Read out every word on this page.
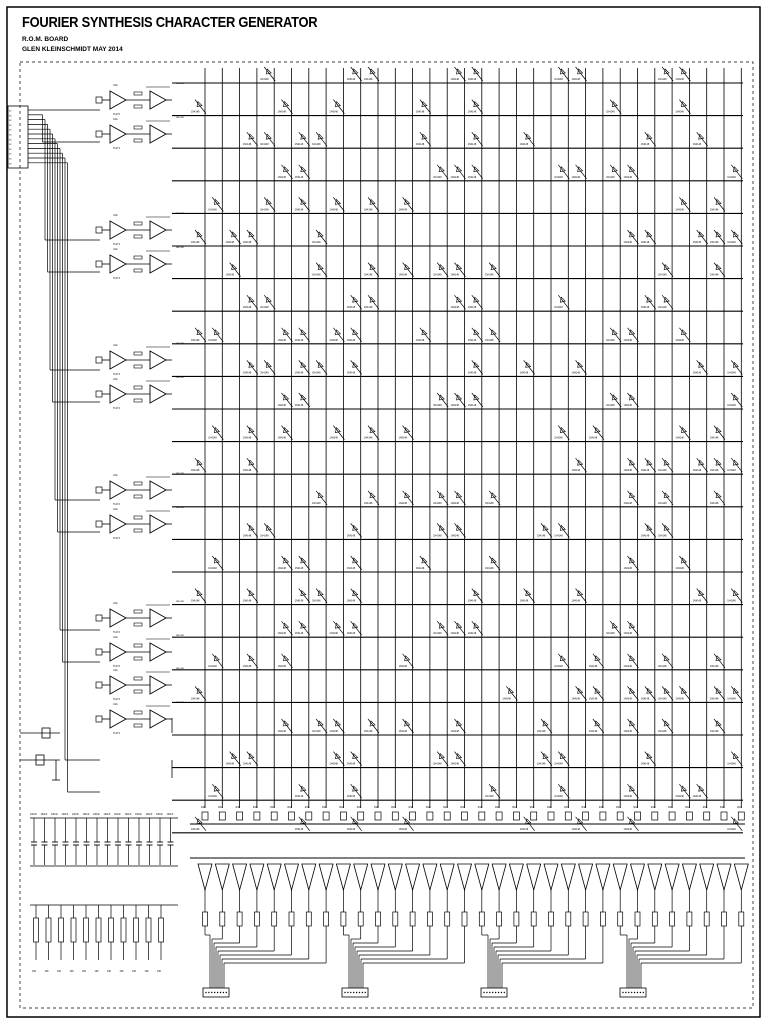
FOURIER SYNTHESIS CHARACTER GENERATOR
R.O.M. BOARD
GLEN KLEINSCHMIDT MAY 2014
xx
xx
xx
xx
xx
xx
xx
xx
xx
xx
xx
xx
U1A
TL074
osc out
U1A
TL074
osc out
U1A
TL074
osc out
U1A
TL074
osc out
U1A
TL074
osc out
U1A
TL074
osc out
U1A
TL074
osc out
U1A
TL074
osc out
U1A
TL074
osc out
U1A
TL074
osc out
U1A
TL074
osc out
U1A
TL074
osc out
1N4148	1N4148	1N4148	1N4148	1N4148	1N4148	1N4148	1N4148	1N4148
1N4148	1N4148	1N4148	1N4148	1N4148	1N4148	1N4148
1N4148	1N4148	1N4148	1N4148	1N4148	1N4148	1N4148	1N4148	1N4148
1N4148	1N4148	1N4148	1N4148	1N4148	1N4148	1N4148	1N4148	1N4148	1N4148
1N4148	1N4148	1N4148	1N4148	1N4148	1N4148	1N4148	1N4148
1N4148	1N4148	1N4148	1N4148	1N4148	1N4148	1N4148	1N4148	1N4148
1N4148	1N4148	1N4148	1N4148	1N4148	1N4148	1N4148	1N4148	1N4148
1N4148	1N4148	1N4148	1N4148	1N4148	1N4148	1N4148	1N4148	1N4148
1N4148	1N4148	1N4148	1N4148	1N4148	1N4148	1N4148	1N4148	1N4148	1N4148	1N4148	1N4148
1N4148	1N4148	1N4148	1N4148	1N4148	1N4148	1N4148	1N4148	1N4148	1N4148
1N4148	1N4148	1N4148	1N4148	1N4148	1N4148	1N4148	1N4148
1N4148	1N4148	1N4148	1N4148	1N4148	1N4148	1N4148	1N4148	1N4148	1N4148
1N4148	1N4148	1N4148	1N4148	1N4148	1N4148	1N4148	1N4148	1N4148
1N4148	1N4148	1N4148	1N4148	1N4148	1N4148	1N4148	1N4148	1N4148
1N4148	1N4148	1N4148	1N4148	1N4148	1N4148	1N4148	1N4148	1N4148
1N4148	1N4148	1N4148	1N4148	1N4148	1N4148	1N4148	1N4148
1N4148	1N4148	1N4148	1N4148	1N4148	1N4148	1N4148	1N4148	1N4148	1N4148
1N4148	1N4148	1N4148	1N4148	1N4148	1N4148	1N4148	1N4148	1N4148
1N4148	1N4148	1N4148	1N4148	1N4148	1N4148	1N4148	1N4148	1N4148
1N4148	1N4148	1N4148	1N4148	1N4148	1N4148	1N4148	1N4148	1N4148	1N4148
1N4148	1N4148	1N4148	1N4148	1N4148	1N4148	1N4148	1N4148	1N4148	1N4148	1N4148
1N4148	1N4148	1N4148	1N4148	1N4148	1N4148	1N4148	1N4148	1N4148	1N4148
1N4148	1N4148	1N4148	1N4148	1N4148	1N4148	1N4148	1N4148
1N4148	1N4148	1N4148	1N4148	1N4148	1N4148	1N4148	1N4148
100nF 100nF 100nF 100nF 100nF 100nF 100nF 100nF 100nF 100nF 100nF 100nF 100nF 100nF
10K	10K	10K	10K	10K	10K	10K	10K	10K	10K	10K
R1K	R1K	R1K	R1K	R1K	R1K	R1K	R1K	R1K	R1K	R1K	R1K	R1K	R1K	R1K	R1K	R1K	R1K	R1K	R1K	R1K	R1K	R1K	R1K	R1K	R1K	R1K	R1K	R1K	R1K	R1K	R1K
